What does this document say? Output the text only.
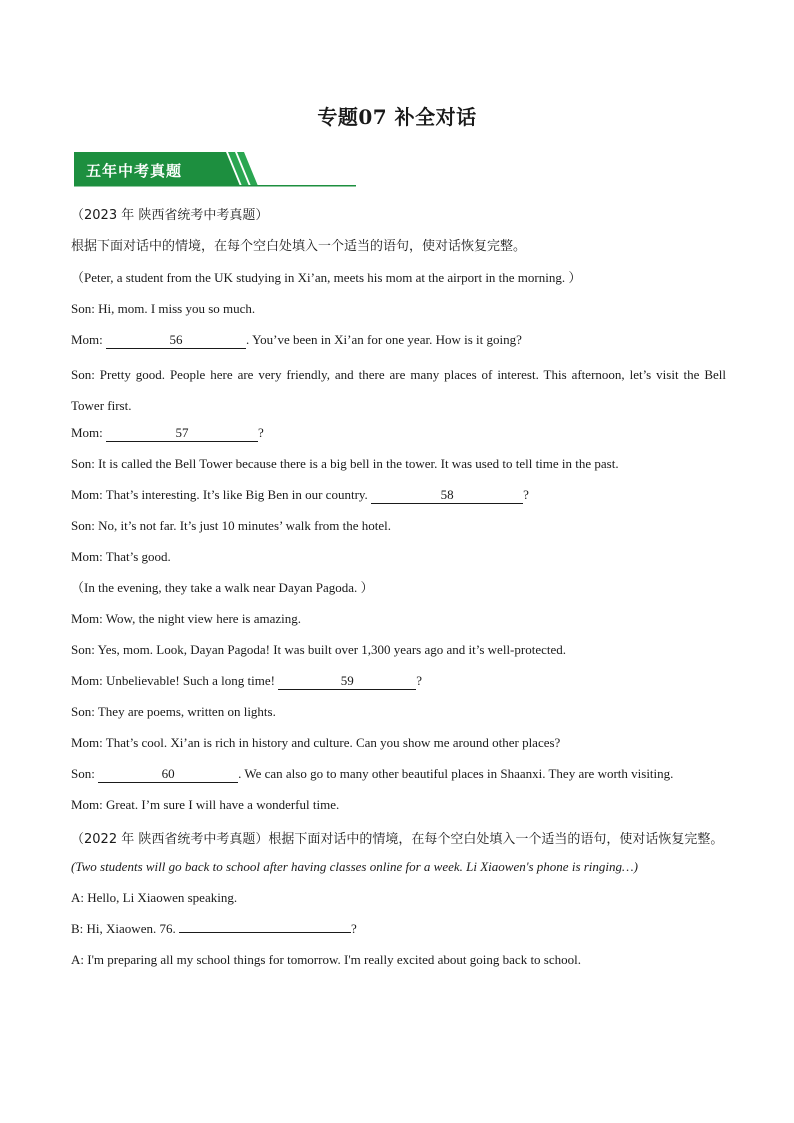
专题07 补全对话
五年中考真题
（2023 年 陕西省统考中考真题）
根据下面对话中的情境，在每个空白处填入一个适当的语句，使对话恢复完整。
（Peter, a student from the UK studying in Xi’an, meets his mom at the airport in the morning. ）
Son: Hi, mom. I miss you so much.
Mom:	56	. You’ve been in Xi’an for one year. How is it going?
Son: Pretty good. People here are very friendly, and there are many places of interest. This afternoon, let’s visit the Bell Tower first.
Mom:	57	?
Son: It is called the Bell Tower because there is a big bell in the tower. It was used to tell time in the past.
Mom: That’s interesting. It’s like Big Ben in our country.	58	?
Son: No, it’s not far. It’s just 10 minutes’ walk from the hotel.
Mom: That’s good.
（In the evening, they take a walk near Dayan Pagoda. ）
Mom: Wow, the night view here is amazing.
Son: Yes, mom. Look, Dayan Pagoda! It was built over 1,300 years ago and it’s well-protected.
Mom: Unbelievable! Such a long time!	59	?
Son: They are poems, written on lights.
Mom: That’s cool. Xi’an is rich in history and culture. Can you show me around other places?
Son:	60	. We can also go to many other beautiful places in Shaanxi. They are worth visiting.
Mom: Great. I’m sure I will have a wonderful time.
（2022 年 陕西省统考中考真题）根据下面对话中的情境，在每个空白处填入一个适当的语句，使对话恢复完整。
(Two students will go back to school after having classes online for a week. Li Xiaowen's phone is ringing…)
A: Hello, Li Xiaowen speaking.
B: Hi, Xiaowen. 76.	?
A: I'm preparing all my school things for tomorrow. I'm really excited about going back to school.
